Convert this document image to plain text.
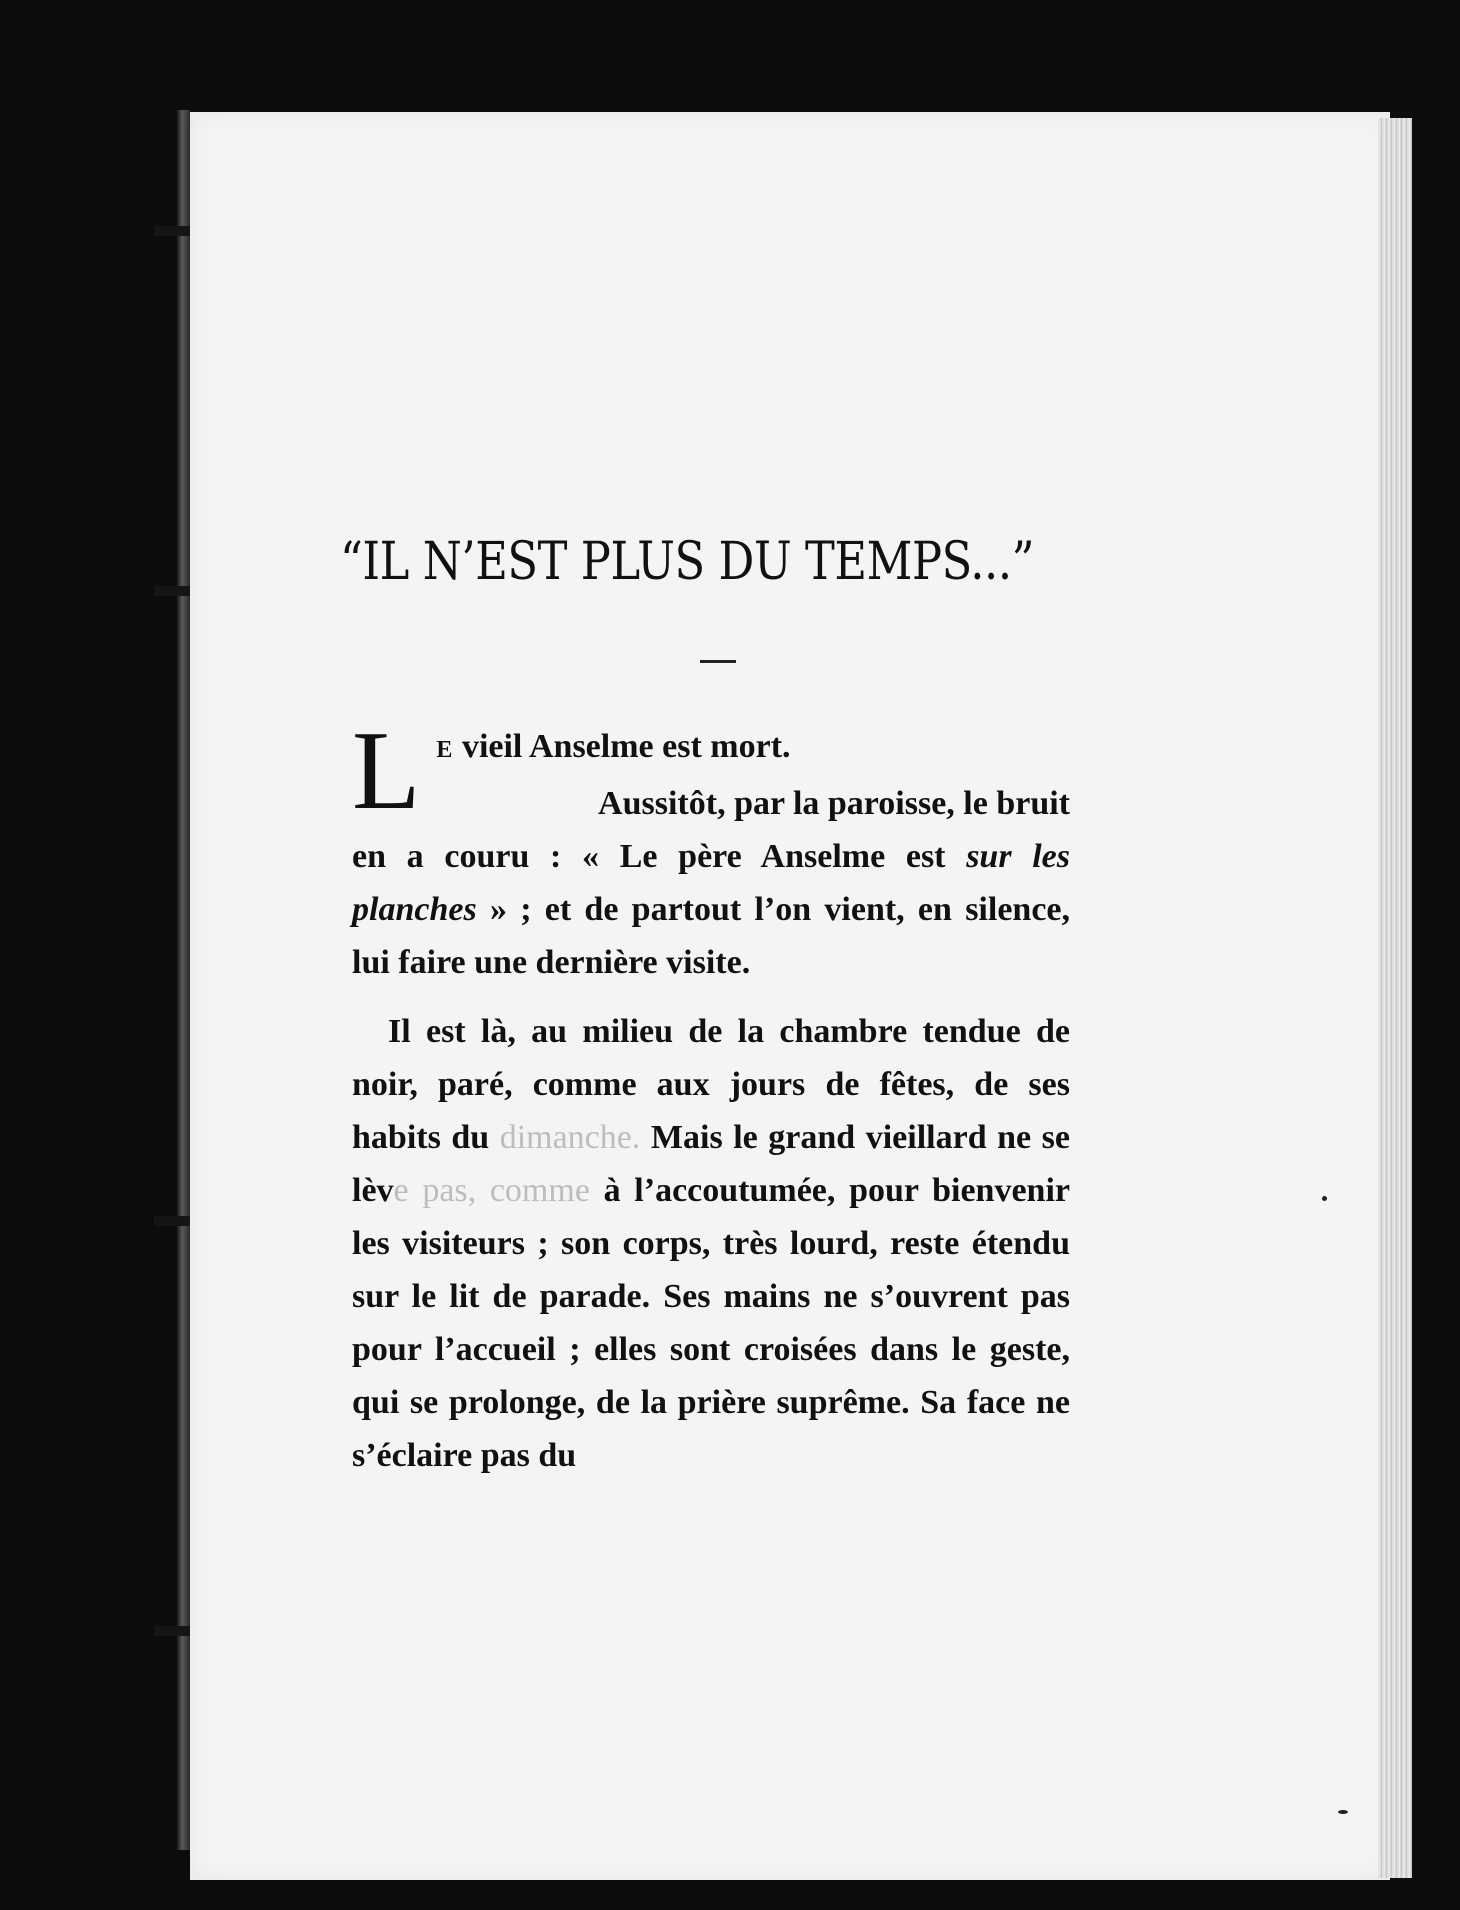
“IL N’EST PLUS DU TEMPS...”

L E vieil Anselme est mort.
Aussitôt, par la paroisse, le bruit
en a couru : « Le père Anselme est sur les planches » ; et de partout l’on vient, en silence, lui faire une dernière visite.

Il est là, au milieu de la chambre tendue de noir, paré, comme aux jours de fêtes, de ses habits du dimanche. Mais le grand vieillard ne se lève pas, comme à l’accoutumée, pour bienvenir les visiteurs ; son corps, très lourd, reste étendu sur le lit de parade. Ses mains ne s’ouvrent pas pour l’accueil ; elles sont croisées dans le geste, qui se prolonge, de la prière suprême. Sa face ne s’éclaire pas du
